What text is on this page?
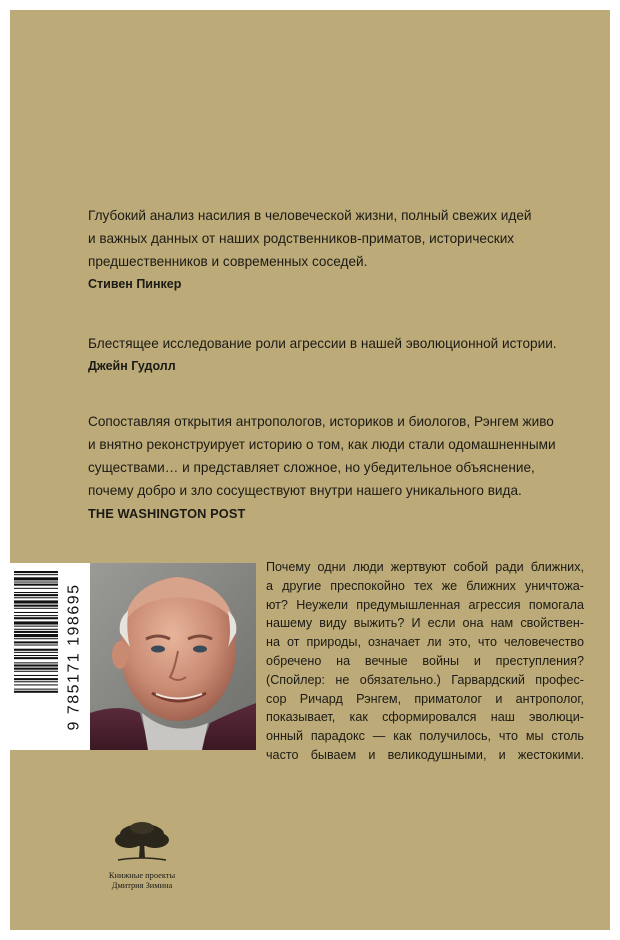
Глубокий анализ насилия в человеческой жизни, полный свежих идей
и важных данных от наших родственников-приматов, исторических
предшественников и современных соседей.
Стивен Пинкер
Блестящее исследование роли агрессии в нашей эволюционной истории.
Джейн Гудолл
Сопоставляя открытия антропологов, историков и биологов, Рэнгем живо
и внятно реконструирует историю о том, как люди стали одомашненными
существами… и представляет сложное, но убедительное объяснение,
почему добро и зло сосуществуют внутри нашего уникального вида.
THE WASHINGTON POST
9 785171 198695
Почему одни люди жертвуют собой ради ближних,
а другие преспокойно тех же ближних уничтожа-
ют? Неужели предумышленная агрессия помогала
нашему виду выжить? И если она нам свойствен-
на от природы, означает ли это, что человечество
обречено на вечные войны и преступления?
(Спойлер: не обязательно.) Гарвардский профес-
сор Ричард Рэнгем, приматолог и антрополог,
показывает, как сформировался наш эволюци-
онный парадокс — как получилось, что мы столь
часто бываем и великодушными, и жестокими.
Книжные проекты
Дмитрия Зимина
